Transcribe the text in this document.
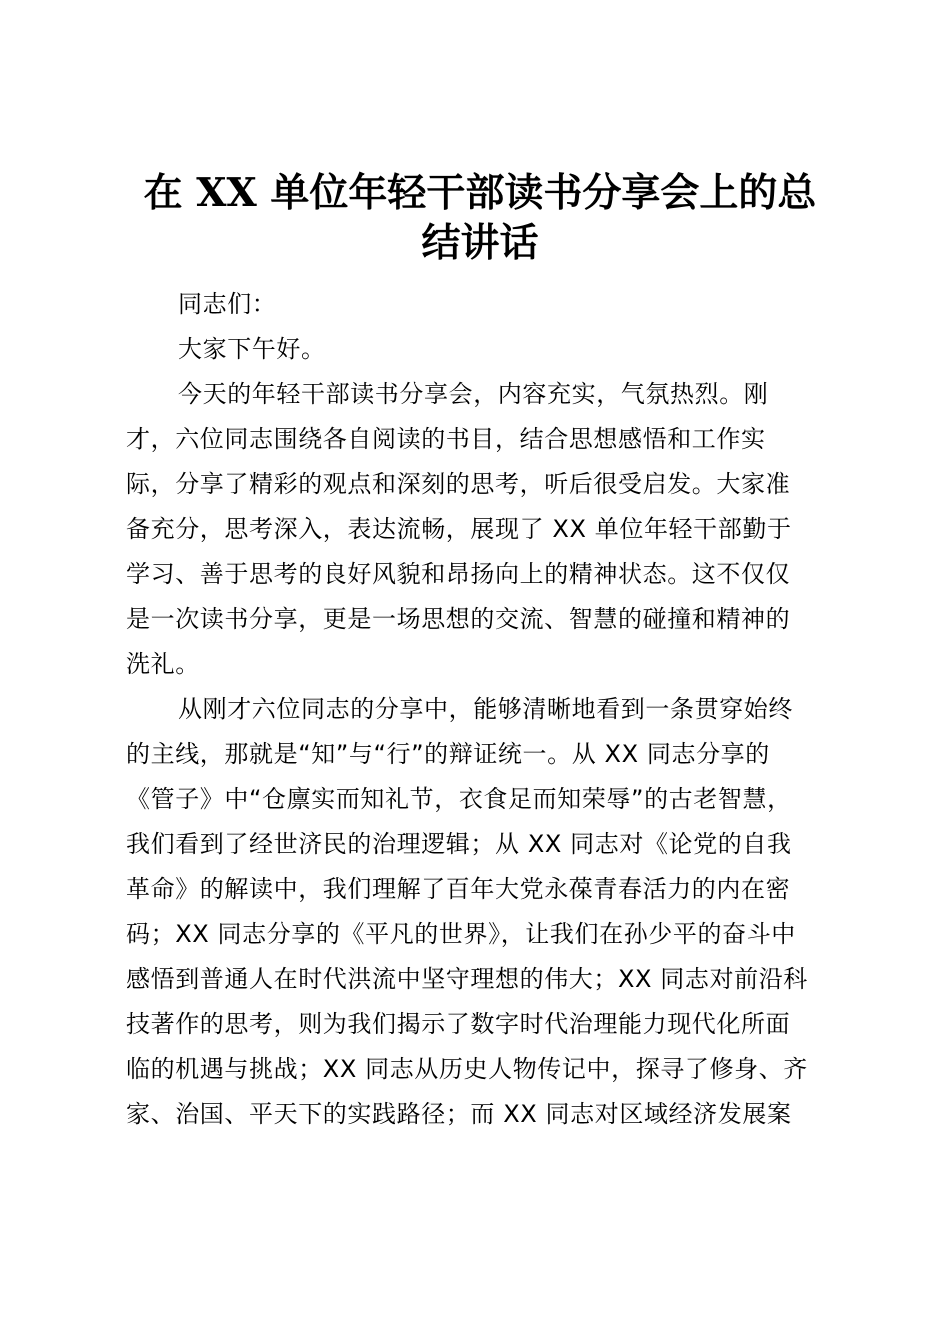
在 XX 单位年轻干部读书分享会上的总
结讲话
同志们：
大家下午好。
今天的年轻干部读书分享会，内容充实，气氛热烈。刚
才，六位同志围绕各自阅读的书目，结合思想感悟和工作实
际，分享了精彩的观点和深刻的思考，听后很受启发。大家准
备充分，思考深入，表达流畅，展现了 XX 单位年轻干部勤于
学习、善于思考的良好风貌和昂扬向上的精神状态。这不仅仅
是一次读书分享，更是一场思想的交流、智慧的碰撞和精神的
洗礼。
从刚才六位同志的分享中，能够清晰地看到一条贯穿始终
的主线，那就是“知”与“行”的辩证统一。从 XX 同志分享的
《管子》中“仓廪实而知礼节，衣食足而知荣辱”的古老智慧，
我们看到了经世济民的治理逻辑；从 XX 同志对《论党的自我
革命》的解读中，我们理解了百年大党永葆青春活力的内在密
码；XX 同志分享的《平凡的世界》，让我们在孙少平的奋斗中
感悟到普通人在时代洪流中坚守理想的伟大；XX 同志对前沿科
技著作的思考，则为我们揭示了数字时代治理能力现代化所面
临的机遇与挑战；XX 同志从历史人物传记中，探寻了修身、齐
家、治国、平天下的实践路径；而 XX 同志对区域经济发展案
